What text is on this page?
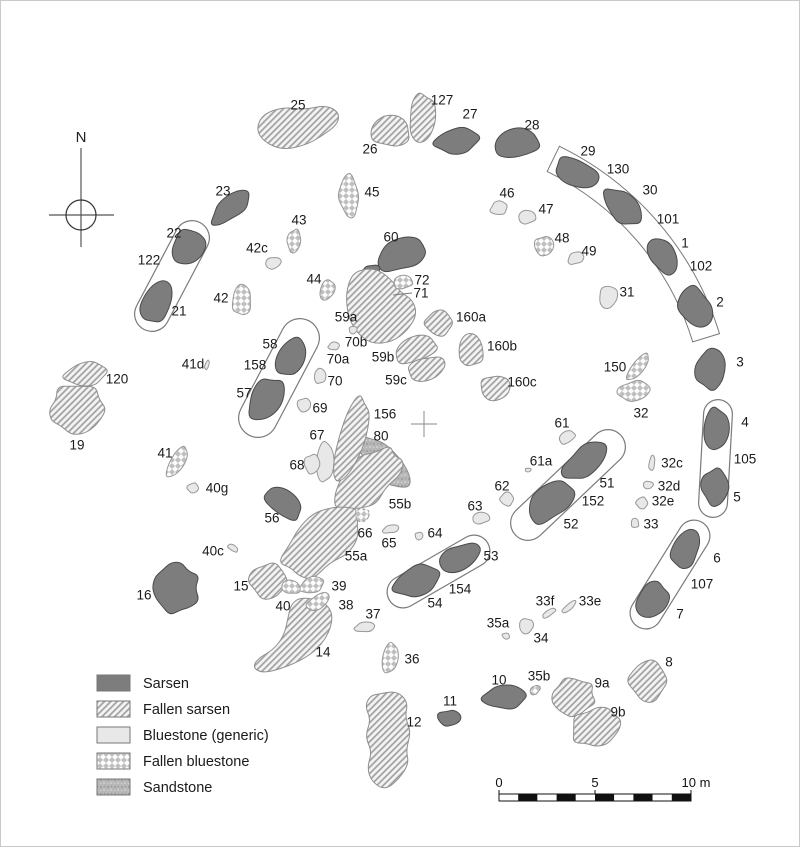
N
122
158
152
154
105
107
25
26
127
27
28
29
30
1
2
3
4
5
6
7
8
9a
9b
10 35b
11
12
14
15
16
19
120
21
22
23
58
57
60
59a
59b
59c
160a
160b
160c
80
67
68
55b
156
55a
56
66
39
40	38
37
36
51
52
53
54
61
61a
62
63
64
65
150
32
32c
32d
32e
33
31
46
47
48
49
42c
43
42
44
45
72
70b
70a
70
69
41d
41
40g
40c
34
35a
33f 33e
130
101
102
71
Sarsen
Fallen sarsen
Bluestone (generic)
Fallen bluestone
Sandstone	0	5	10 m
